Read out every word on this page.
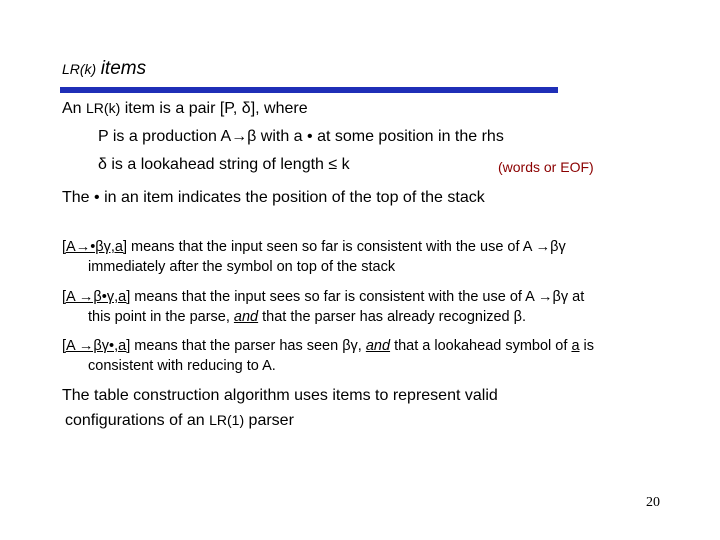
LR(k) items
An LR(k) item is a pair [P, δ], where
P is a production A→β with a • at some position in the rhs
δ is a lookahead string of length ≤ k	(words or EOF)
The • in an item indicates the position of the top of the stack
[A→•βγ,a] means that the input seen so far is consistent with the use of A →βγ
immediately after the symbol on top of the stack
[A →β•γ,a] means that the input sees so far is consistent with the use of A →βγ at
this point in the parse, and that the parser has already recognized β.
[A →βγ•,a] means that the parser has seen βγ, and that a lookahead symbol of a is
consistent with reducing to A.
The table construction algorithm uses items to represent valid
configurations of an LR(1) parser
20
